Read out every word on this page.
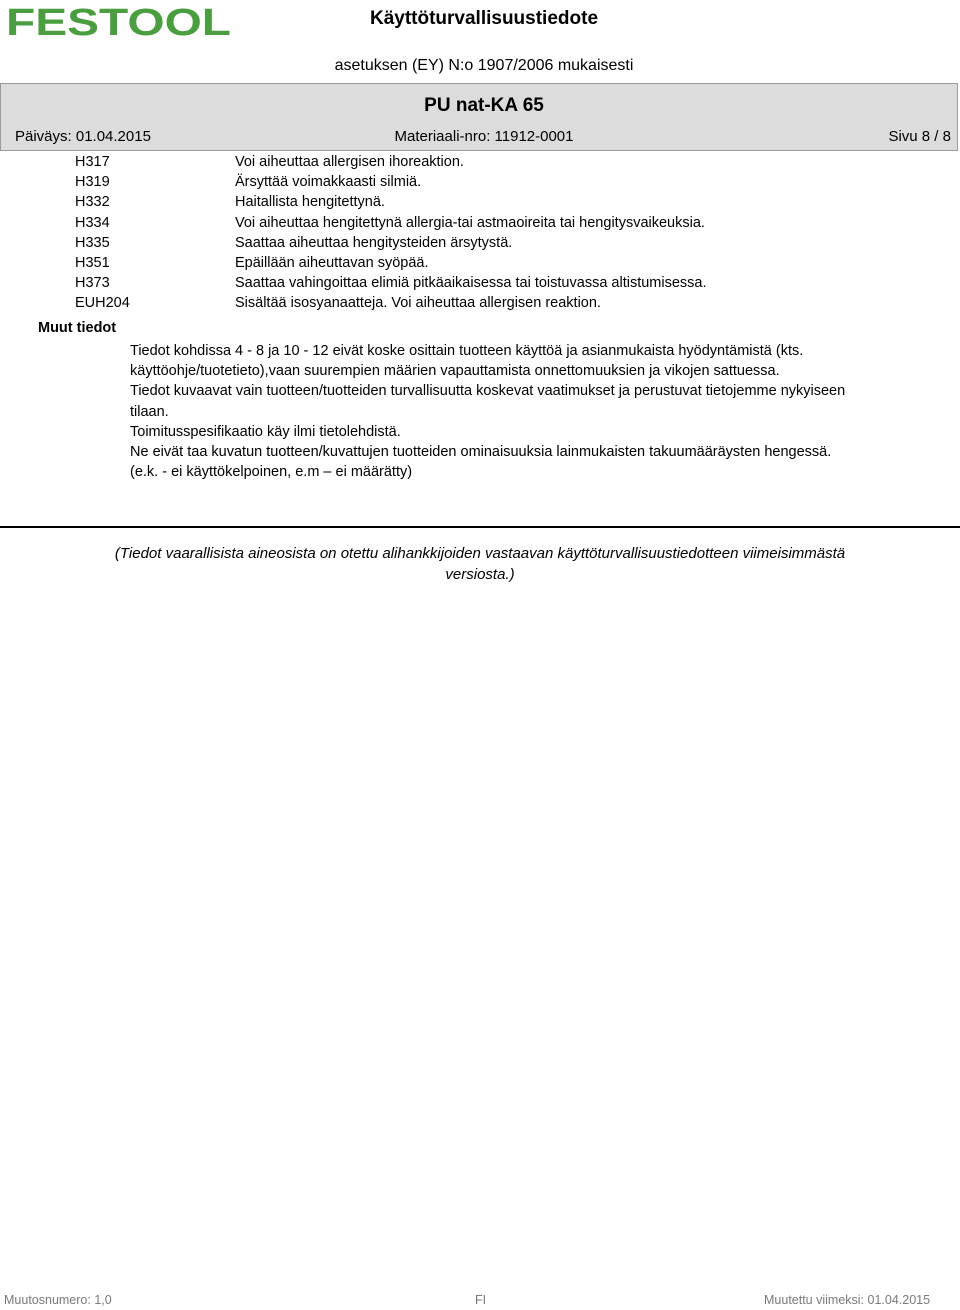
FESTOOL	Käyttöturvallisuustiedote
asetuksen (EY) N:o 1907/2006 mukaisesti
PU nat-KA 65
Päiväys: 01.04.2015	Materiaali-nro: 11912-0001	Sivu 8 / 8
H317	Voi aiheuttaa allergisen ihoreaktion.
H319	Ärsyttää voimakkaasti silmiä.
H332	Haitallista hengitettynä.
H334	Voi aiheuttaa hengitettynä allergia-tai astmaoireita tai hengitysvaikeuksia.
H335	Saattaa aiheuttaa hengitysteiden ärsytystä.
H351	Epäillään aiheuttavan syöpää.
H373	Saattaa vahingoittaa elimiä pitkäaikaisessa tai toistuvassa altistumisessa.
EUH204	Sisältää isosyanaatteja. Voi aiheuttaa allergisen reaktion.
Muut tiedot

Tiedot kohdissa 4 - 8 ja 10 - 12 eivät koske osittain tuotteen käyttöä ja asianmukaista hyödyntämistä (kts. käyttöohje/tuotetieto),vaan suurempien määrien vapauttamista onnettomuuksien ja vikojen sattuessa.

Tiedot kuvaavat vain tuotteen/tuotteiden turvallisuutta koskevat vaatimukset ja perustuvat tietojemme nykyiseen tilaan.

Toimitusspesifikaatio käy ilmi tietolehdistä.

Ne eivät taa kuvatun tuotteen/kuvattujen tuotteiden ominaisuuksia lainmukaisten takuumääräysten hengessä.

(e.k. - ei käyttökelpoinen, e.m – ei määrätty)

(Tiedot vaarallisista aineosista on otettu alihankkijoiden vastaavan käyttöturvallisuustiedotteen viimeisimmästä versiosta.)
Muutosnumero: 1,0	FI	Muutettu viimeksi: 01.04.2015
